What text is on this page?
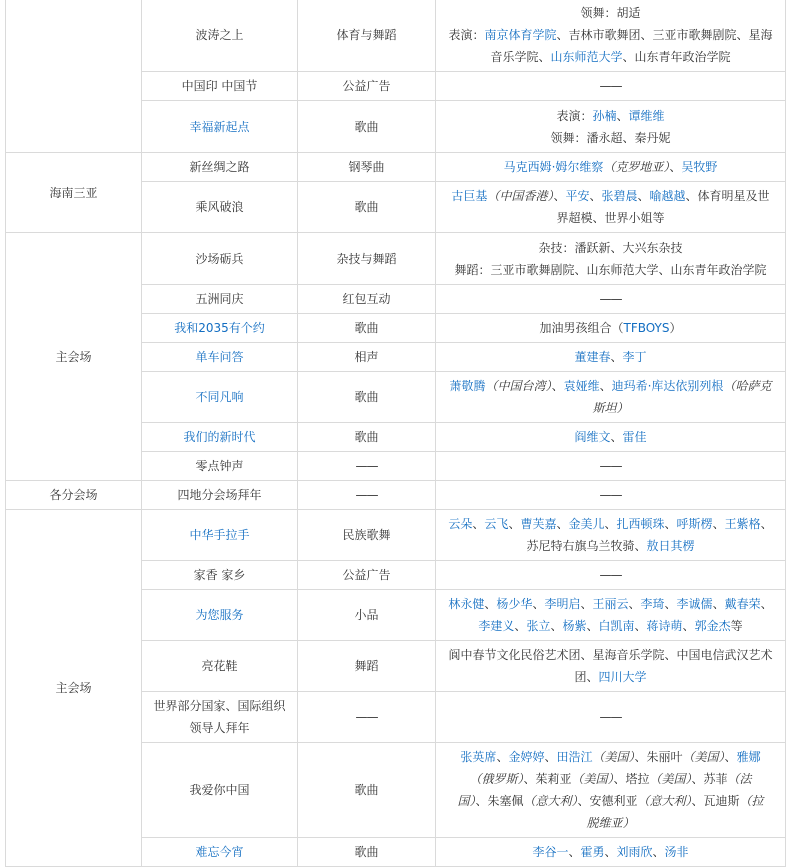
	波涛之上	体育与舞蹈	领舞：胡适
表演：南京体育学院、吉林市歌舞团、三亚市歌舞剧院、星海
音乐学院、山东师范大学、山东青年政治学院

	中国印 中国节	公益广告	——

	幸福新起点	歌曲	表演：孙楠、谭维维
领舞：潘永超、秦丹妮

海南三亚	新丝绸之路	钢琴曲	马克西姆·姆尔维察（克罗地亚）、吴牧野

	乘风破浪	歌曲	古巨基（中国香港）、平安、张碧晨、喻越越、体育明星及世
界超模、世界小姐等

主会场	沙场砺兵	杂技与舞蹈	杂技：潘跃新、大兴东杂技
舞蹈：三亚市歌舞剧院、山东师范大学、山东青年政治学院

	五洲同庆	红包互动	——

	我和2035有个约	歌曲	加油男孩组合（TFBOYS）

	单车问答	相声	董建春、李丁

	不同凡响	歌曲	萧敬腾（中国台湾）、袁娅维、迪玛希·库达依别列根（哈萨克
斯坦）

	我们的新时代	歌曲	阎维文、雷佳

	零点钟声	——	——

各分会场	四地分会场拜年	——	——

主会场	中华手拉手	民族歌舞	云朵、云飞、曹芙嘉、金美儿、扎西顿珠、呼斯楞、王紫格、
苏尼特右旗乌兰牧骑、敖日其楞

	家香 家乡	公益广告	——

	为您服务	小品	林永健、杨少华、李明启、王丽云、李琦、李诚儒、戴春荣、
李建义、张立、杨紫、白凯南、蒋诗萌、郭金杰等

	亮花鞋	舞蹈	阆中春节文化民俗艺术团、星海音乐学院、中国电信武汉艺术
团、四川大学

	世界部分国家、国际组织领导人拜年	——	——

	我爱你中国	歌曲	张英席、金婷婷、田浩江（美国）、朱丽叶（美国）、雅娜
（俄罗斯）、茱莉亚（美国）、塔拉（美国）、苏菲（法
国）、朱塞佩（意大利）、安德利亚（意大利）、瓦迪斯（拉
脱维亚）

	难忘今宵	歌曲	李谷一、霍勇、刘雨欣、汤非
